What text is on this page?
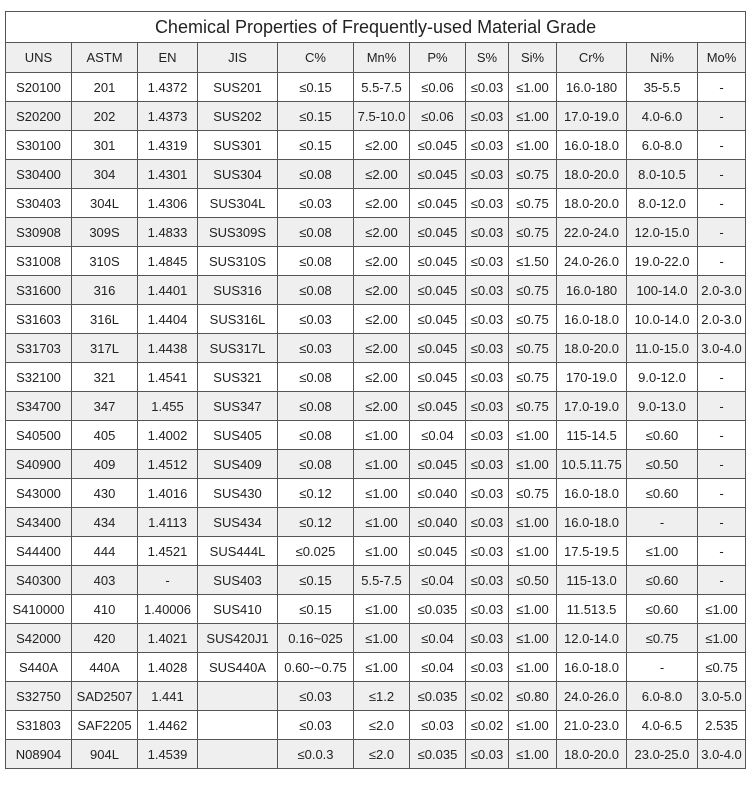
Chemical Properties of Frequently-used Material Grade											
UNS	ASTM	EN	JIS	C%	Mn%	P%	S%	Si%	Cr%	Ni%	Mo%
S20100	201	1.4372	SUS201	≤0.15	5.5-7.5	≤0.06	≤0.03	≤1.00	16.0-180	35-5.5	-
S20200	202	1.4373	SUS202	≤0.15	7.5-10.0	≤0.06	≤0.03	≤1.00	17.0-19.0	4.0-6.0	-
S30100	301	1.4319	SUS301	≤0.15	≤2.00	≤0.045	≤0.03	≤1.00	16.0-18.0	6.0-8.0	-
S30400	304	1.4301	SUS304	≤0.08	≤2.00	≤0.045	≤0.03	≤0.75	18.0-20.0	8.0-10.5	-
S30403	304L	1.4306	SUS304L	≤0.03	≤2.00	≤0.045	≤0.03	≤0.75	18.0-20.0	8.0-12.0	-
S30908	309S	1.4833	SUS309S	≤0.08	≤2.00	≤0.045	≤0.03	≤0.75	22.0-24.0	12.0-15.0	-
S31008	310S	1.4845	SUS310S	≤0.08	≤2.00	≤0.045	≤0.03	≤1.50	24.0-26.0	19.0-22.0	-
S31600	316	1.4401	SUS316	≤0.08	≤2.00	≤0.045	≤0.03	≤0.75	16.0-180	100-14.0	2.0-3.0
S31603	316L	1.4404	SUS316L	≤0.03	≤2.00	≤0.045	≤0.03	≤0.75	16.0-18.0	10.0-14.0	2.0-3.0
S31703	317L	1.4438	SUS317L	≤0.03	≤2.00	≤0.045	≤0.03	≤0.75	18.0-20.0	11.0-15.0	3.0-4.0
S32100	321	1.4541	SUS321	≤0.08	≤2.00	≤0.045	≤0.03	≤0.75	170-19.0	9.0-12.0	-
S34700	347	1.455	SUS347	≤0.08	≤2.00	≤0.045	≤0.03	≤0.75	17.0-19.0	9.0-13.0	-
S40500	405	1.4002	SUS405	≤0.08	≤1.00	≤0.04	≤0.03	≤1.00	115-14.5	≤0.60	-
S40900	409	1.4512	SUS409	≤0.08	≤1.00	≤0.045	≤0.03	≤1.00	10.5.11.75	≤0.50	-
S43000	430	1.4016	SUS430	≤0.12	≤1.00	≤0.040	≤0.03	≤0.75	16.0-18.0	≤0.60	-
S43400	434	1.4113	SUS434	≤0.12	≤1.00	≤0.040	≤0.03	≤1.00	16.0-18.0	-	-
S44400	444	1.4521	SUS444L	≤0.025	≤1.00	≤0.045	≤0.03	≤1.00	17.5-19.5	≤1.00	-
S40300	403	-	SUS403	≤0.15	5.5-7.5	≤0.04	≤0.03	≤0.50	115-13.0	≤0.60	-
S410000	410	1.40006	SUS410	≤0.15	≤1.00	≤0.035	≤0.03	≤1.00	11.513.5	≤0.60	≤1.00
S42000	420	1.4021	SUS420J1	0.16~025	≤1.00	≤0.04	≤0.03	≤1.00	12.0-14.0	≤0.75	≤1.00
S440A	440A	1.4028	SUS440A	0.60-~0.75	≤1.00	≤0.04	≤0.03	≤1.00	16.0-18.0	-	≤0.75
S32750	SAD2507	1.441		≤0.03	≤1.2	≤0.035	≤0.02	≤0.80	24.0-26.0	6.0-8.0	3.0-5.0
S31803	SAF2205	1.4462		≤0.03	≤2.0	≤0.03	≤0.02	≤1.00	21.0-23.0	4.0-6.5	2.535
N08904	904L	1.4539		≤0.0.3	≤2.0	≤0.035	≤0.03	≤1.00	18.0-20.0	23.0-25.0	3.0-4.0
